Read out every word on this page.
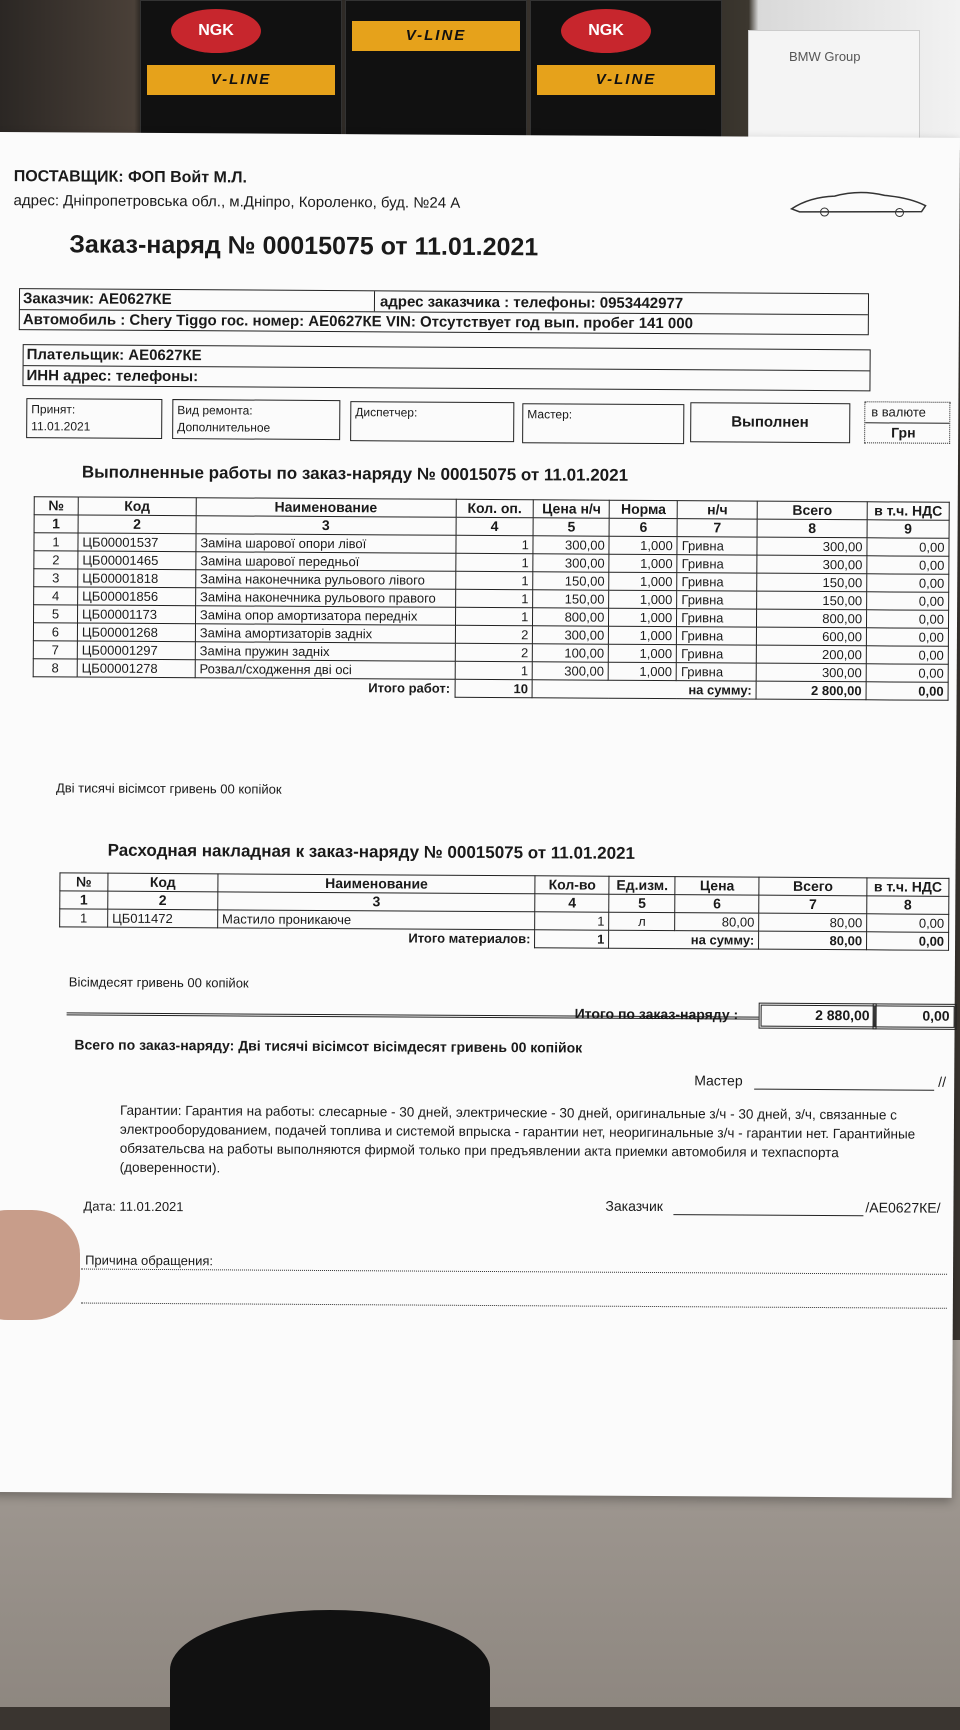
NGK
V-LINE
V-LINE	NGK
V-LINE
BMW Group
ПОСТАВЩИК: ФОП Войт М.Л.
адрес: Дніпропетровська обл., м.Дніпро, Короленко, буд. №24 А
Заказ-наряд № 00015075 от 11.01.2021
Заказчик: АЕ0627КЕ	адрес заказчика : телефоны: 0953442977
Автомобиль : Chery Tiggo гос. номер: АЕ0627КЕ VIN: Отсутствует год вып. пробег 141 000
Плательщик: АЕ0627КЕ
ИНН адрес: телефоны:
Принят:
11.01.2021
Вид ремонта:
Дополнительное
Диспетчер:	Мастер:	Выполнен
в валюте
Грн
Выполненные работы по заказ-наряду № 00015075 от 11.01.2021
№	Код	Наименование	Кол. оп.	Цена н/ч	Норма	н/ч	Всего	в т.ч. НДС
1	2	3	4	5	6	7	8	9
1	ЦБ00001537	Заміна шарової опори лівої	1	300,00	1,000	Гривна	300,00	0,00
2	ЦБ00001465	Заміна шарової передньої	1	300,00	1,000	Гривна	300,00	0,00
3	ЦБ00001818	Заміна наконечника рульового лівого	1	150,00	1,000	Гривна	150,00	0,00
4	ЦБ00001856	Заміна наконечника рульового правого	1	150,00	1,000	Гривна	150,00	0,00
5	ЦБ00001173	Заміна опор амортизатора передніх	1	800,00	1,000	Гривна	800,00	0,00
6	ЦБ00001268	Заміна амортизаторів задніх	2	300,00	1,000	Гривна	600,00	0,00
7	ЦБ00001297	Заміна пружин задніх	2	100,00	1,000	Гривна	200,00	0,00
8	ЦБ00001278	Розвал/сходження дві осі	1	300,00	1,000	Гривна	300,00	0,00
		Итого работ:	10	на сумму:			2 800,00	0,00
Дві тисячі вісімсот гривень 00 копійок
Расходная накладная к заказ-наряду № 00015075 от 11.01.2021
№	Код	Наименование	Кол-во	Ед.изм.	Цена	Всего	в т.ч. НДС
1	2	3	4	5	6	7	8
1	ЦБ011472	Мастило проникаюче	1	л	80,00	80,00	0,00
		Итого материалов:	1	на сумму:		80,00	0,00
Вісімдесят гривень 00 копійок
Итого по заказ-наряду :	2 880,00	0,00
Всего по заказ-наряду: Дві тисячі вісімсот вісімдесят гривень 00 копійок
Мастер	//
Гарантии: Гарантия на работы: слесарные - 30 дней, электрические - 30 дней, оригинальные з/ч - 30 дней, з/ч, связанные с электрооборудованием, подачей топлива и системой впрыска - гарантии нет, неоригинальные з/ч - гарантии нет. Гарантийные обязательсва на работы выполняются фирмой только при предъявлении акта приемки автомобиля и техпаспорта (доверенности).
Дата: 11.01.2021	Заказчик	/АЕ0627КЕ/
Причина обращения:
